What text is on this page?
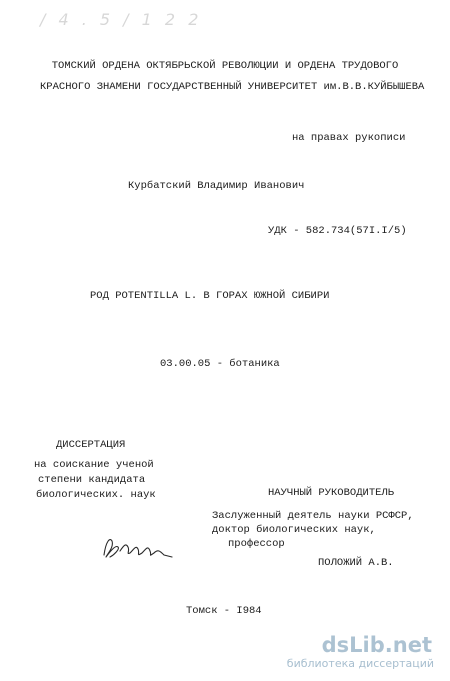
/ 4 . 5 / 1 2 2
ТОМСКИЙ ОРДЕНА ОКТЯБРЬСКОЙ РЕВОЛЮЦИИ И ОРДЕНА ТРУДОВОГО
КРАСНОГО ЗНАМЕНИ ГОСУДАРСТВЕННЫЙ УНИВЕРСИТЕТ им.В.В.КУЙБЫШЕВА
на правах рукописи
Курбатский Владимир Иванович
УДК - 582.734(57I.I/5)
РОД POTENTILLA L. В ГОРАХ ЮЖНОЙ СИБИРИ
03.00.05 - ботаника
ДИССЕРТАЦИЯ
на соискание ученой
степени кандидата
биологических. наук	НАУЧНЫЙ РУКОВОДИТЕЛЬ
Заслуженный деятель науки РСФСР,
доктор биологических наук,
профессор
ПОЛОЖИЙ А.В.
Томск - I984
dsLib.net
библиотека диссертаций
